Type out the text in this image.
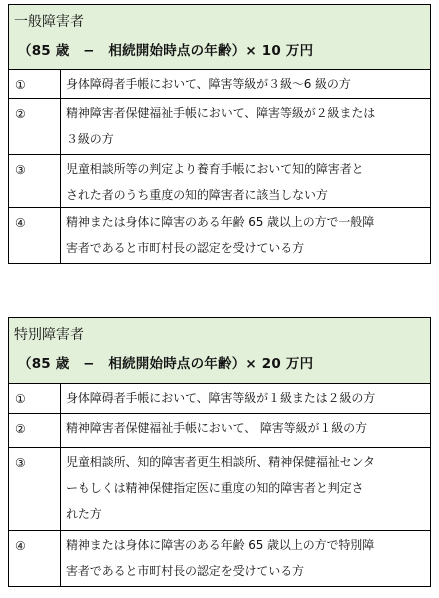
一般障害者
（85 歳　−　相続開始時点の年齢）× 10 万円
①	身体障碍者手帳において、障害等級が３級〜6 級の方
②	精神障害者保健福祉手帳において、障害等級が２級または
３級の方
③	児童相談所等の判定より養育手帳において知的障害者と
された者のうち重度の知的障害者に該当しない方
④	精神または身体に障害のある年齢 65 歳以上の方で一般障
害者であると市町村長の認定を受けている方
特別障害者
（85 歳　−　相続開始時点の年齢）× 20 万円
①	身体障碍者手帳において、障害等級が１級または２級の方
②	精神障害者保健福祉手帳において、 障害等級が１級の方
③	児童相談所、知的障害者更生相談所、精神保健福祉センタ
ーもしくは精神保健指定医に重度の知的障害者と判定さ
れた方
④	精神または身体に障害のある年齢 65 歳以上の方で特別障
害者であると市町村長の認定を受けている方
